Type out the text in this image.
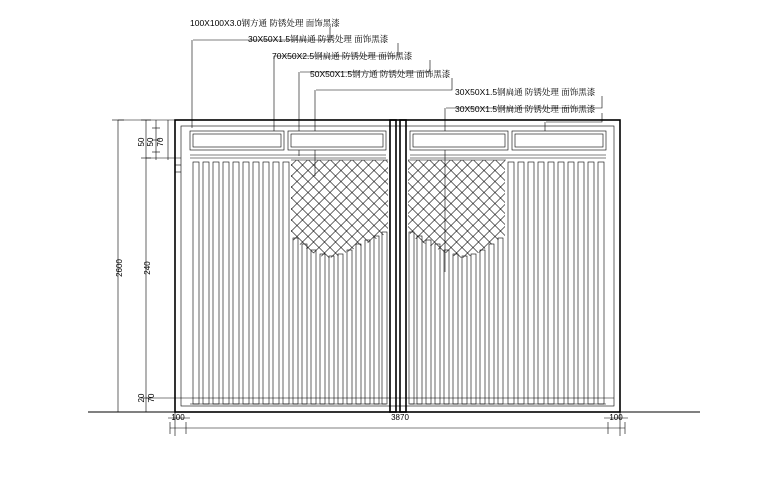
100X100X3.0钢方通 防锈处理 面饰黑漆
30X50X1.5钢扁通 防锈处理 面饰黑漆
70X50X2.5钢扁通 防锈处理 面饰黑漆
50X50X1.5钢方通 防锈处理 面饰黑漆
30X50X1.5钢扁通 防锈处理 面饰黑漆
30X50X1.5钢扁通 防锈处理 面饰黑漆
2600 240
50 50 70
20 70
100	3870	100
